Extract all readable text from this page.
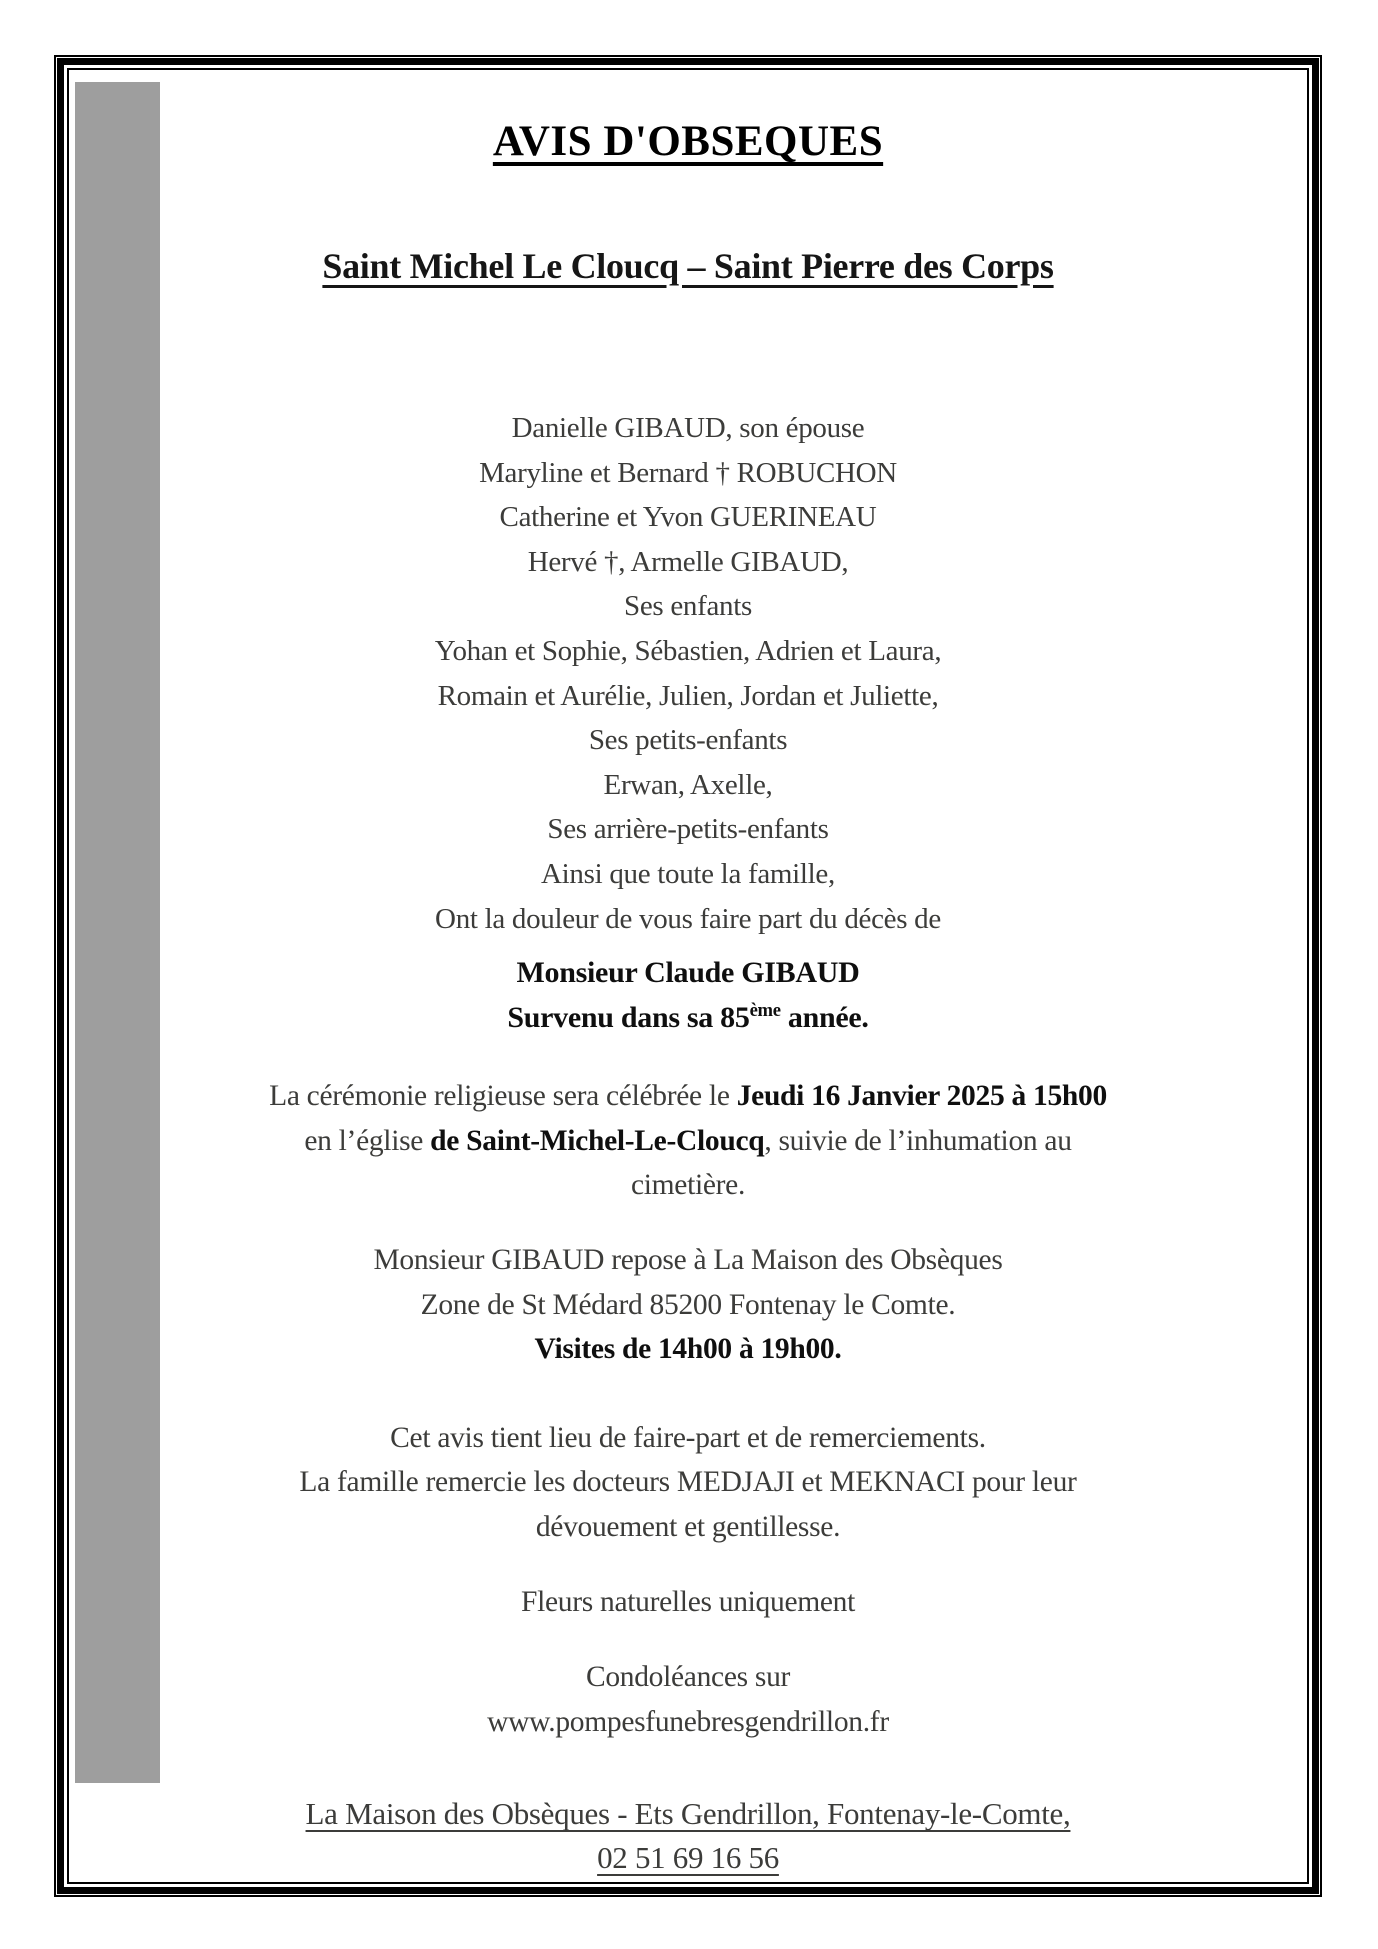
AVIS D'OBSEQUES
Saint Michel Le Cloucq – Saint Pierre des Corps
Danielle GIBAUD, son épouse
Maryline et Bernard † ROBUCHON
Catherine et Yvon GUERINEAU
Hervé †, Armelle GIBAUD,
Ses enfants
Yohan et Sophie, Sébastien, Adrien et Laura,
Romain et Aurélie, Julien, Jordan et Juliette,
Ses petits-enfants
Erwan, Axelle,
Ses arrière-petits-enfants
Ainsi que toute la famille,
Ont la douleur de vous faire part du décès de
Monsieur Claude GIBAUD
Survenu dans sa 85ème année.
La cérémonie religieuse sera célébrée le Jeudi 16 Janvier 2025 à 15h00
en l’église de Saint-Michel-Le-Cloucq, suivie de l’inhumation au
cimetière.
Monsieur GIBAUD repose à La Maison des Obsèques
Zone de St Médard 85200 Fontenay le Comte.
Visites de 14h00 à 19h00.
Cet avis tient lieu de faire-part et de remerciements.
La famille remercie les docteurs MEDJAJI et MEKNACI pour leur
dévouement et gentillesse.
Fleurs naturelles uniquement
Condoléances sur
www.pompesfunebresgendrillon.fr
La Maison des Obsèques - Ets Gendrillon, Fontenay-le-Comte,
02 51 69 16 56
